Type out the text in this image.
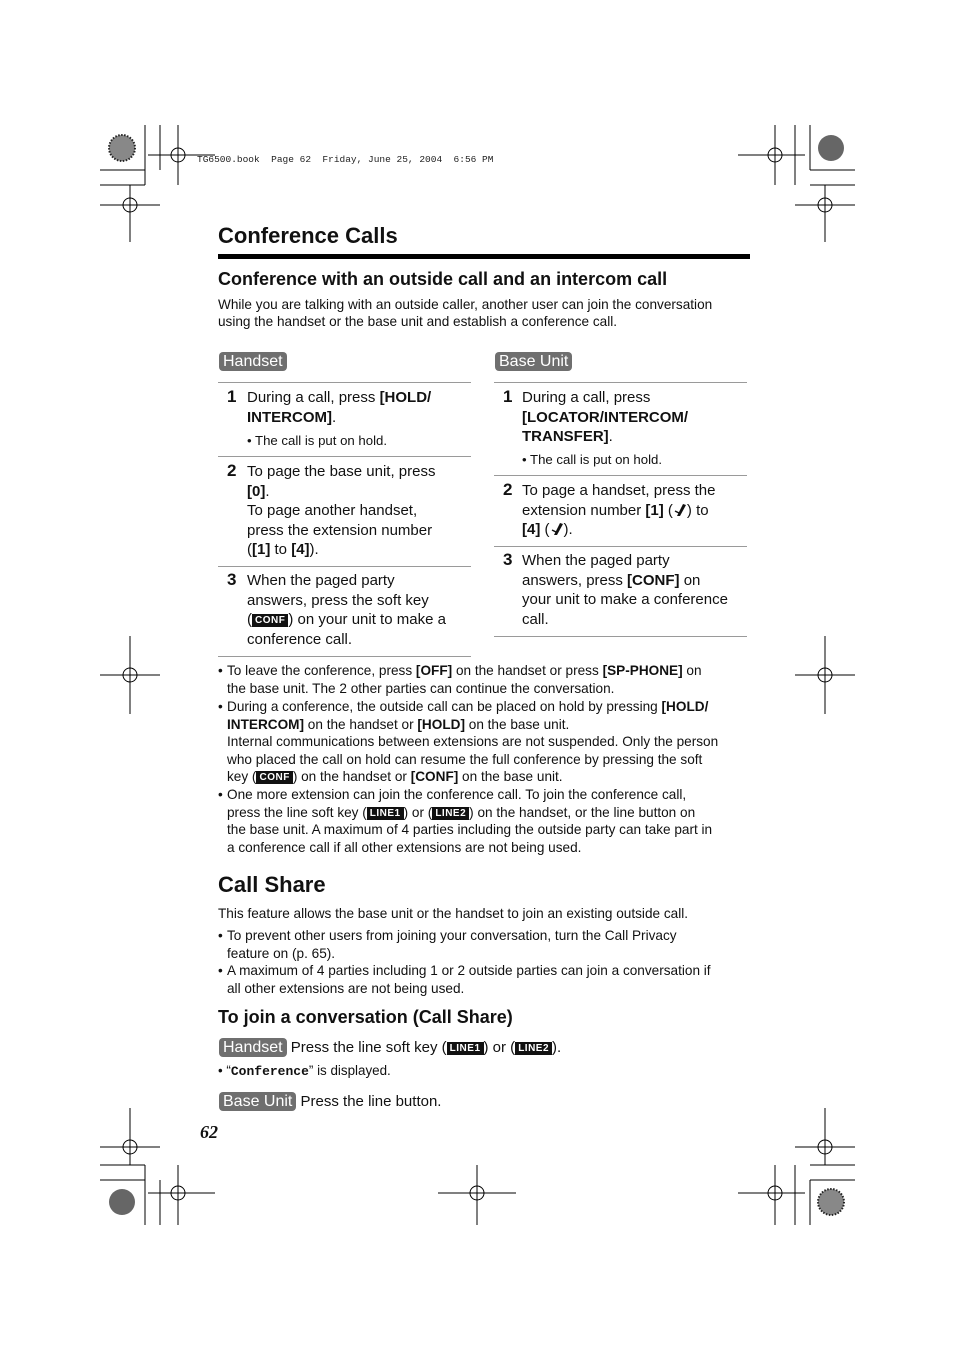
TG6500.book  Page 62  Friday, June 25, 2004  6:56 PM
Conference Calls
Conference with an outside call and an intercom call
While you are talking with an outside caller, another user can join the conversation
using the handset or the base unit and establish a conference call.
Handset
1 During a call, press [HOLD/
INTERCOM].
• The call is put on hold.
2 To page the base unit, press
[0].
To page another handset,
press the extension number
([1] to [4]).
3 When the paged party
answers, press the soft key
( CONF ) on your unit to make a
conference call.
Base Unit
1 During a call, press
[LOCATOR/INTERCOM/
TRANSFER].
• The call is put on hold.
2 To page a handset, press the
extension number [1] ( ) to
[4] ( ).
3 When the paged party
answers, press [CONF] on
your unit to make a conference
call.
• To leave the conference, press [OFF] on the handset or press [SP-PHONE] on
the base unit. The 2 other parties can continue the conversation.
• During a conference, the outside call can be placed on hold by pressing [HOLD/
INTERCOM] on the handset or [HOLD] on the base unit.
Internal communications between extensions are not suspended. Only the person
who placed the call on hold can resume the full conference by pressing the soft
key ( CONF ) on the handset or [CONF] on the base unit.
• One more extension can join the conference call. To join the conference call,
press the line soft key ( LINE1 ) or ( LINE2 ) on the handset, or the line button on
the base unit. A maximum of 4 parties including the outside party can take part in
a conference call if all other extensions are not being used.
Call Share
This feature allows the base unit or the handset to join an existing outside call.
• To prevent other users from joining your conversation, turn the Call Privacy
feature on (p. 65).
• A maximum of 4 parties including 1 or 2 outside parties can join a conversation if
all other extensions are not being used.
To join a conversation (Call Share)
Handset Press the line soft key ( LINE1 ) or ( LINE2 ).
• “Conference” is displayed.
Base Unit Press the line button.
62
